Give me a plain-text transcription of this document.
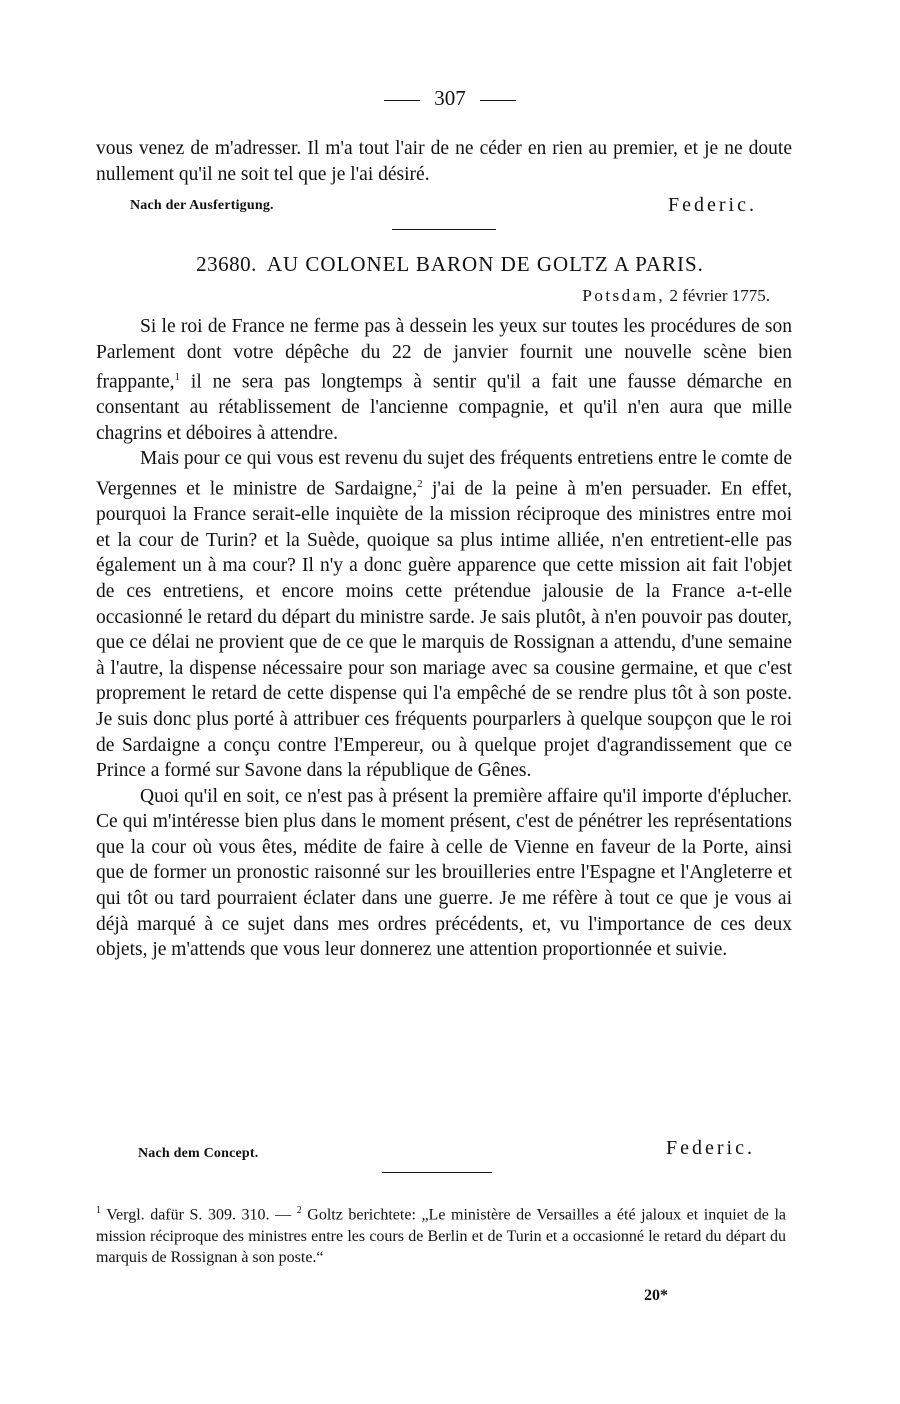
307

vous venez de m'adresser. Il m'a tout l'air de ne céder en rien au premier, et je ne doute nullement qu'il ne soit tel que je l'ai désiré.

Nach der Ausfertigung.	Federic.
23680. AU COLONEL BARON DE GOLTZ A PARIS.
Potsdam, 2 février 1775.

Si le roi de France ne ferme pas à dessein les yeux sur toutes les procédures de son Parlement dont votre dépêche du 22 de janvier fournit une nouvelle scène bien frappante,$^1$ il ne sera pas longtemps à sentir qu'il a fait une fausse démarche en consentant au rétablissement de l'ancienne compagnie, et qu'il n'en aura que mille chagrins et déboires à attendre.

Mais pour ce qui vous est revenu du sujet des fréquents entretiens entre le comte de Vergennes et le ministre de Sardaigne,$^2$ j'ai de la peine à m'en persuader. En effet, pourquoi la France serait-elle inquiète de la mission réciproque des ministres entre moi et la cour de Turin? et la Suède, quoique sa plus intime alliée, n'en entretient-elle pas également un à ma cour? Il n'y a donc guère apparence que cette mission ait fait l'objet de ces entretiens, et encore moins cette prétendue jalousie de la France a-t-elle occasionné le retard du départ du ministre sarde. Je sais plutôt, à n'en pouvoir pas douter, que ce délai ne provient que de ce que le marquis de Rossignan a attendu, d'une semaine à l'autre, la dispense nécessaire pour son mariage avec sa cousine germaine, et que c'est proprement le retard de cette dispense qui l'a empêché de se rendre plus tôt à son poste. Je suis donc plus porté à attribuer ces fréquents pourparlers à quelque soupçon que le roi de Sardaigne a conçu contre l'Empereur, ou à quelque projet d'agrandissement que ce Prince a formé sur Savone dans la république de Gênes.

Quoi qu'il en soit, ce n'est pas à présent la première affaire qu'il importe d'éplucher. Ce qui m'intéresse bien plus dans le moment présent, c'est de pénétrer les représentations que la cour où vous êtes, médite de faire à celle de Vienne en faveur de la Porte, ainsi que de former un pronostic raisonné sur les brouilleries entre l'Espagne et l'Angleterre et qui tôt ou tard pourraient éclater dans une guerre. Je me réfère à tout ce que je vous ai déjà marqué à ce sujet dans mes ordres précédents, et, vu l'importance de ces deux objets, je m'attends que vous leur donnerez une attention proportionnée et suivie.

Nach dem Concept.	Federic.
$^1$ Vergl. dafür S. 309. 310. — $^2$ Goltz berichtete: „Le ministère de Versailles a été jaloux et inquiet de la mission réciproque des ministres entre les cours de Berlin et de Turin et a occasionné le retard du départ du marquis de Rossignan à son poste.“
20*
